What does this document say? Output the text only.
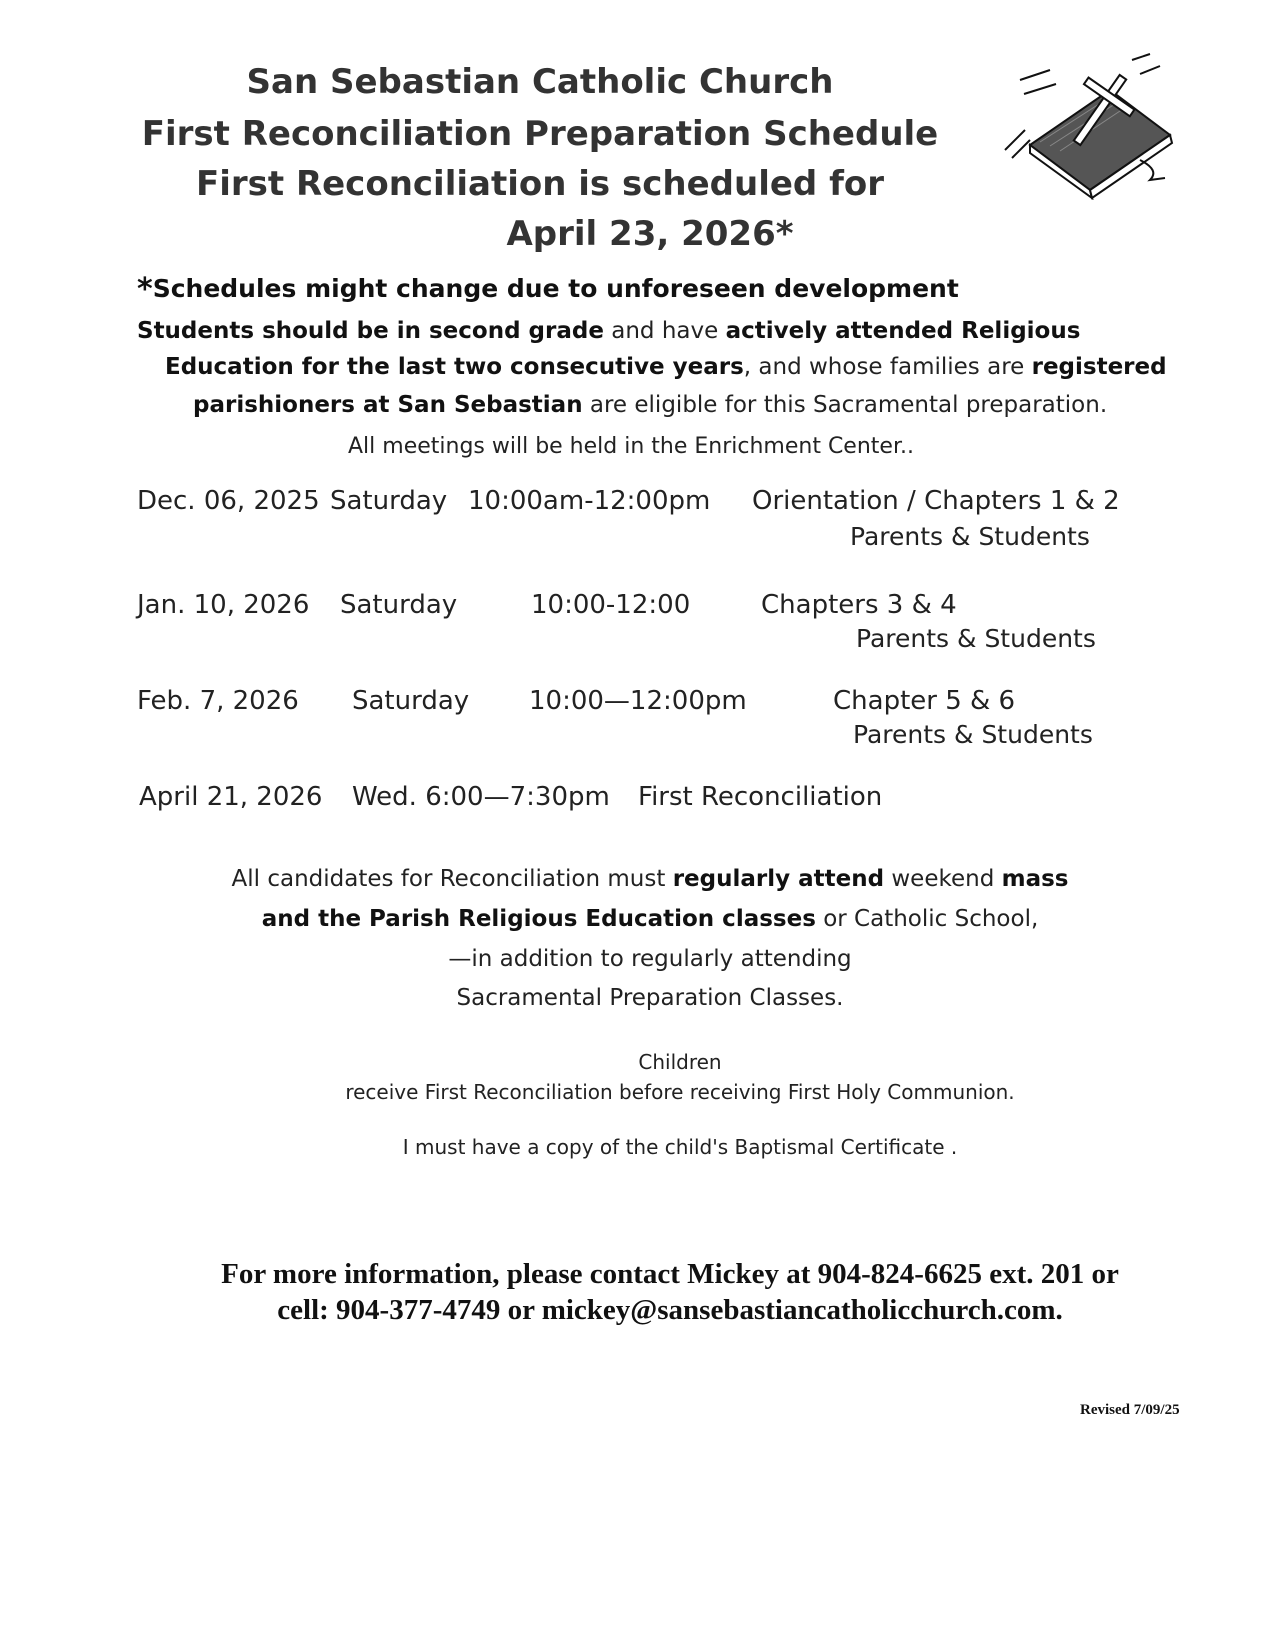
San Sebastian Catholic Church
First Reconciliation Preparation Schedule
First Reconciliation is scheduled for
April 23, 2026*
*Schedules might change due to unforeseen development
Students should be in second grade and have actively attended Religious
Education for the last two consecutive years, and whose families are registered
parishioners at San Sebastian are eligible for this Sacramental preparation.
All meetings will be held in the Enrichment Center..
Dec. 06, 2025 Saturday 10:00am-12:00pm Orientation / Chapters 1 & 2
Parents & Students
Jan. 10, 2026 Saturday	10:00-12:00	Chapters 3 & 4
Parents & Students
Feb. 7, 2026 Saturday 10:00—12:00pm	Chapter 5 & 6
Parents & Students
April 21, 2026 Wed. 6:00—7:30pm First Reconciliation
All candidates for Reconciliation must regularly attend weekend mass
and the Parish Religious Education classes or Catholic School,
—in addition to regularly attending
Sacramental Preparation Classes.
Children
receive First Reconciliation before receiving First Holy Communion.
I must have a copy of the child's Baptismal Certificate .
For more information, please contact Mickey at 904-824-6625 ext. 201 or
cell: 904-377-4749 or mickey@sansebastiancatholicchurch.com.
Revised 7/09/25
